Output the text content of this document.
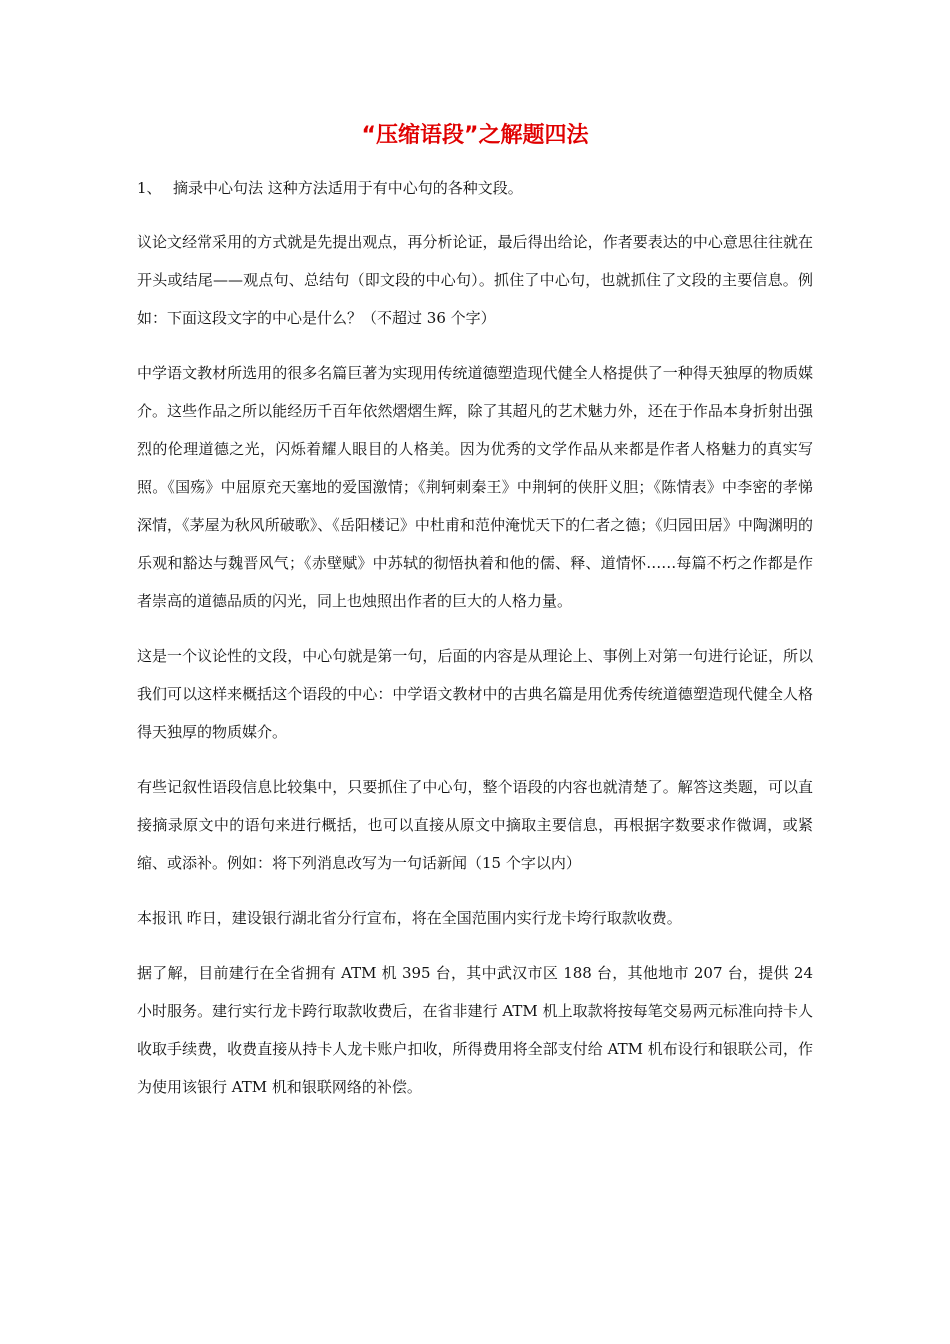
“压缩语段”之解题四法

1、 摘录中心句法 这种方法适用于有中心句的各种文段。

议论文经常采用的方式就是先提出观点，再分析论证，最后得出给论，作者要表达的中心意思往往就在开头或结尾——观点句、总结句（即文段的中心句）。抓住了中心句，也就抓住了文段的主要信息。例如：下面这段文字的中心是什么？（不超过 36 个字）

中学语文教材所选用的很多名篇巨著为实现用传统道德塑造现代健全人格提供了一种得天独厚的物质媒介。这些作品之所以能经历千百年依然熠熠生辉，除了其超凡的艺术魅力外，还在于作品本身折射出强烈的伦理道德之光，闪烁着耀人眼目的人格美。因为优秀的文学作品从来都是作者人格魅力的真实写照。《国殇》中屈原充天塞地的爱国激情；《荆轲刺秦王》中荆轲的侠肝义胆；《陈情表》中李密的孝悌深情，《茅屋为秋风所破歌》、《岳阳楼记》中杜甫和范仲淹忧天下的仁者之德；《归园田居》中陶渊明的乐观和豁达与魏晋风气；《赤壁赋》中苏轼的彻悟执着和他的儒、释、道情怀……每篇不朽之作都是作者崇高的道德品质的闪光，同上也烛照出作者的巨大的人格力量。

这是一个议论性的文段，中心句就是第一句，后面的内容是从理论上、事例上对第一句进行论证，所以我们可以这样来概括这个语段的中心：中学语文教材中的古典名篇是用优秀传统道德塑造现代健全人格得天独厚的物质媒介。

有些记叙性语段信息比较集中，只要抓住了中心句，整个语段的内容也就清楚了。解答这类题，可以直接摘录原文中的语句来进行概括，也可以直接从原文中摘取主要信息，再根据字数要求作微调，或紧缩、或添补。例如：将下列消息改写为一句话新闻（15 个字以内）

本报讯 昨日，建设银行湖北省分行宣布，将在全国范围内实行龙卡垮行取款收费。

据了解，目前建行在全省拥有 ATM 机 395 台，其中武汉市区 188 台，其他地市 207 台，提供 24 小时服务。建行实行龙卡跨行取款收费后，在省非建行 ATM 机上取款将按每笔交易两元标准向持卡人收取手续费，收费直接从持卡人龙卡账户扣收，所得费用将全部支付给 ATM 机布设行和银联公司，作为使用该银行 ATM 机和银联网络的补偿。
